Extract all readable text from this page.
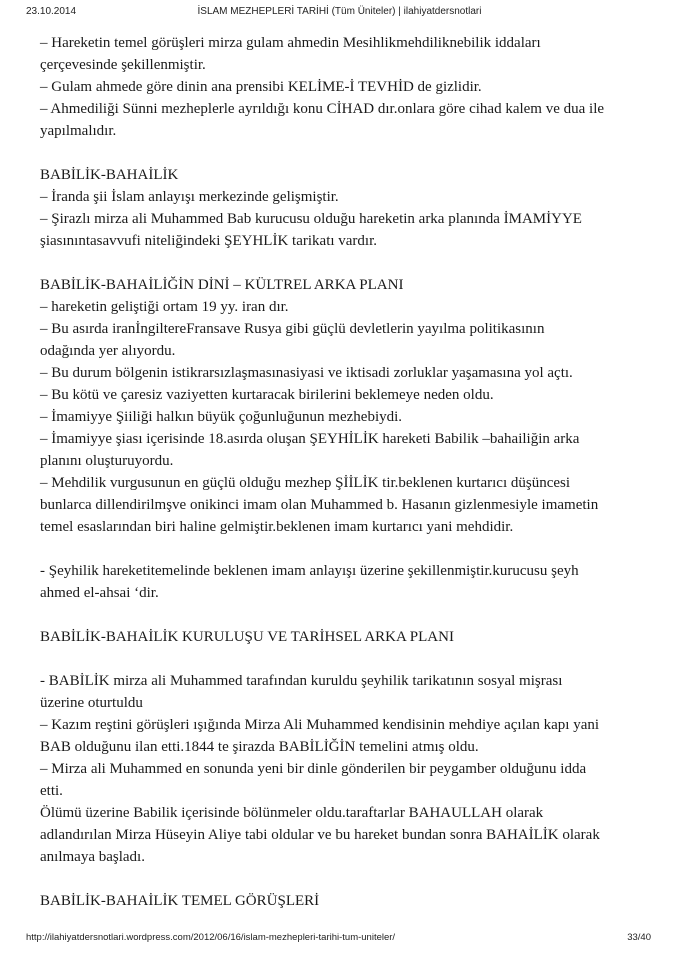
23.10.2014	İSLAM MEZHEPLERİ TARİHİ (Tüm Üniteler) | ilahiyatdersnotlari

– Hareketin temel görüşleri mirza gulam ahmedin Mesihlikmehdiliknebilik iddaları

çerçevesinde şekillenmiştir.

– Gulam ahmede göre dinin ana prensibi KELİME-İ TEVHİD de gizlidir.

– Ahmediliği Sünni mezheplerle ayrıldığı konu CİHAD dır.onlara göre cihad kalem ve dua ile

yapılmalıdır.

BABİLİK-BAHAİLİK

– İranda şii İslam anlayışı merkezinde gelişmiştir.

– Şirazlı mirza ali Muhammed Bab kurucusu olduğu hareketin arka planında İMAMİYYE

şiasınıntasavvufi niteliğindeki ŞEYHLİK tarikatı vardır.

BABİLİK-BAHAİLİĞİN DİNİ – KÜLTREL ARKA PLANI

– hareketin geliştiği ortam 19 yy. iran dır.

– Bu asırda iranİngiltereFransave Rusya gibi güçlü devletlerin yayılma politikasının

odağında yer alıyordu.

– Bu durum bölgenin istikrarsızlaşmasınasiyasi ve iktisadi zorluklar yaşamasına yol açtı.

– Bu kötü ve çaresiz vaziyetten kurtaracak birilerini beklemeye neden oldu.

– İmamiyye Şiiliği halkın büyük çoğunluğunun mezhebiydi.

– İmamiyye şiası içerisinde 18.asırda oluşan ŞEYHİLİK hareketi Babilik –bahailiğin arka

planını oluşturuyordu.

– Mehdilik vurgusunun en güçlü olduğu mezhep ŞİİLİK tir.beklenen kurtarıcı düşüncesi

bunlarca dillendirilmşve onikinci imam olan Muhammed b. Hasanın gizlenmesiyle imametin

temel esaslarından biri haline gelmiştir.beklenen imam kurtarıcı yani mehdidir.

- Şeyhilik hareketitemelinde beklenen imam anlayışı üzerine şekillenmiştir.kurucusu şeyh

ahmed el-ahsai ‘dir.

BABİLİK-BAHAİLİK KURULUŞU VE TARİHSEL ARKA PLANI

- BABİLİK mirza ali Muhammed tarafından kuruldu şeyhilik tarikatının sosyal mişrası

üzerine oturtuldu

– Kazım reştini görüşleri ışığında Mirza Ali Muhammed kendisinin mehdiye açılan kapı yani

BAB olduğunu ilan etti.1844 te şirazda BABİLİĞİN temelini atmış oldu.

– Mirza ali Muhammed en sonunda yeni bir dinle gönderilen bir peygamber olduğunu idda

etti.

Ölümü üzerine Babilik içerisinde bölünmeler oldu.taraftarlar BAHAULLAH olarak

adlandırılan Mirza Hüseyin Aliye tabi oldular ve bu hareket bundan sonra BAHAİLİK olarak

anılmaya başladı.

BABİLİK-BAHAİLİK TEMEL GÖRÜŞLERİ

http://ilahiyatdersnotlari.wordpress.com/2012/06/16/islam-mezhepleri-tarihi-tum-uniteler/	33/40
